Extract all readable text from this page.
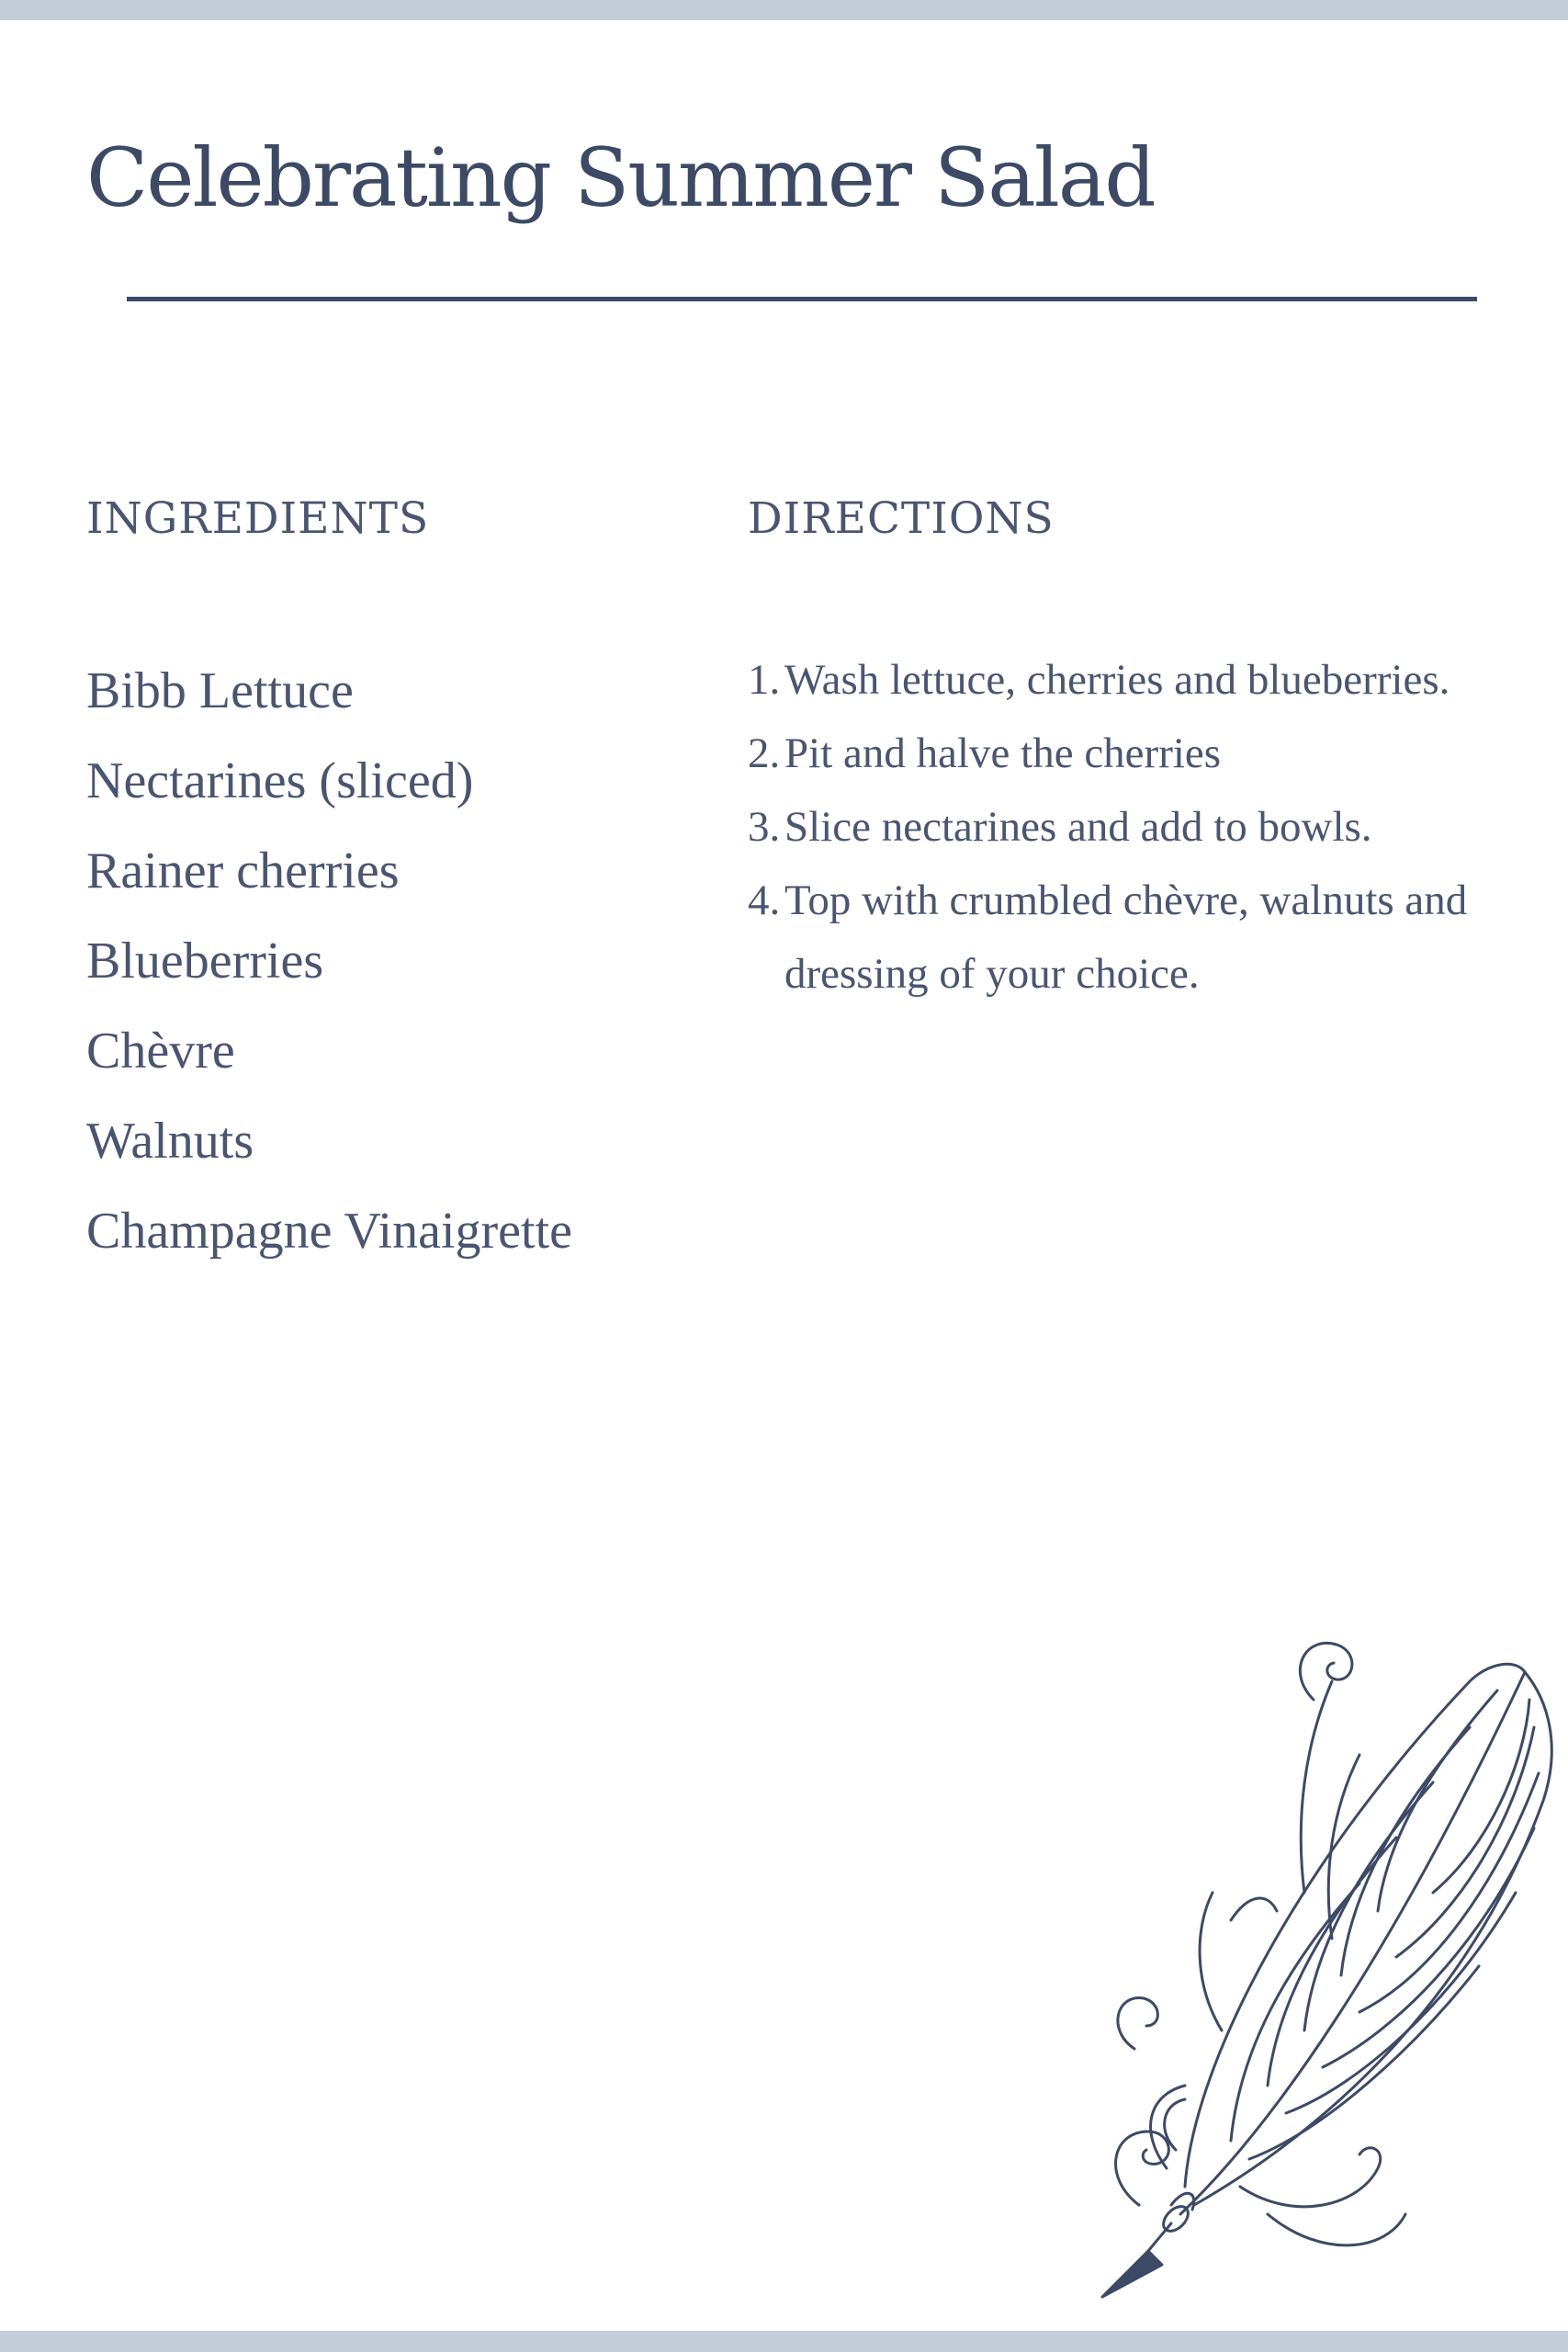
Celebrating Summer Salad
INGREDIENTS
Bibb Lettuce
Nectarines (sliced)
Rainer cherries
Blueberries
Chèvre
Walnuts
Champagne Vinaigrette
DIRECTIONS
1. Wash lettuce, cherries and blueberries.
2. Pit and halve the cherries
3. Slice nectarines and add to bowls.
4. Top with crumbled chèvre, walnuts and dressing of your choice.
